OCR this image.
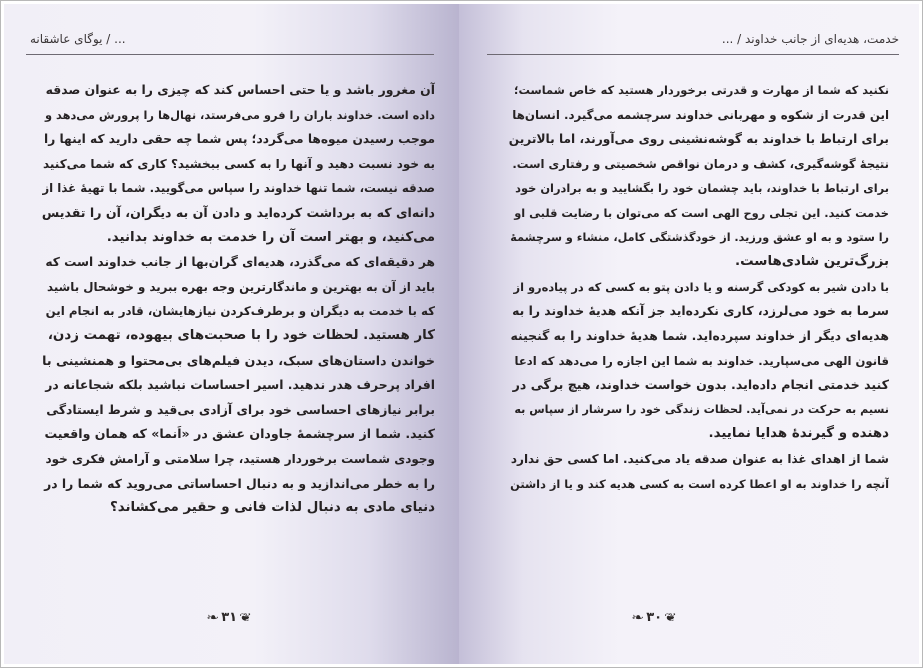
... / یوگای عاشقانه
آن مغرور باشد و یا حتی احساس کند که چیزی را به عنوان صدقه
داده است. خداوند باران را فرو می‌فرستد، نهال‌ها را پرورش می‌دهد و
موجب رسیدن میوه‌ها می‌گردد؛ پس شما چه حقی دارید که اینها را
به خود نسبت دهید و آنها را به کسی ببخشید؟ کاری که شما می‌کنید
صدقه نیست، شما تنها خداوند را سپاس می‌گویید. شما با تهیهٔ غذا از
دانه‌ای که به برداشت کرده‌اید و دادن آن به دیگران، آن را تقدیس
می‌کنید، و بهتر است آن را خدمت به خداوند بدانید.
هر دقیقه‌ای که می‌گذرد، هدیه‌ای گران‌بها از جانب خداوند است که
باید از آن به بهترین و ماندگارترین وجه بهره ببرید و خوشحال باشید
که با خدمت به دیگران و برطرف‌کردن نیازهایشان، قادر به انجام این
کار هستید. لحظات خود را با صحبت‌های بیهوده، تهمت زدن،
خواندن داستان‌های سبک، دیدن فیلم‌های بی‌محتوا و همنشینی با
افراد پرحرف هدر ندهید. اسیر احساسات نباشید بلکه شجاعانه در
برابر نیازهای احساسی خود برای آزادی بی‌قید و شرط ایستادگی
کنید. شما از سرچشمهٔ جاودان عشق در «اَنما» که همان واقعیت
وجودی شماست برخوردار هستید، چرا سلامتی و آرامش فکری خود
را به خطر می‌اندازید و به دنبال احساساتی می‌روید که شما را در
دنیای مادی به دنبال لذات فانی و حقیر می‌کشاند؟
❦۳۱❧
خدمت، هدیه‌ای از جانب خداوند / ...
نکنید که شما از مهارت و قدرتی برخوردار هستید که خاص شماست؛
این قدرت از شکوه و مهربانی خداوند سرچشمه می‌گیرد. انسان‌ها
برای ارتباط با خداوند به گوشه‌نشینی روی می‌آورند، اما بالاترین
نتیجهٔ گوشه‌گیری، کشف و درمان نواقص شخصیتی و رفتاری است.
برای ارتباط با خداوند، باید چشمان خود را بگشایید و به برادران خود
خدمت کنید. این تجلی روح الهی است که می‌توان با رضایت قلبی او
را ستود و به او عشق ورزید. از خودگذشتگی کامل، منشاء و سرچشمهٔ
بزرگ‌ترین شادی‌هاست.
با دادن شیر به کودکی گرسنه و یا دادن پتو به کسی که در پیاده‌رو از
سرما به خود می‌لرزد، کاری نکرده‌اید جز آنکه هدیهٔ خداوند را به
هدیه‌ای دیگر از خداوند سپرده‌اید. شما هدیهٔ خداوند را به گنجینه
قانون الهی می‌سپارید. خداوند به شما این اجازه را می‌دهد که ادعا
کنید خدمتی انجام داده‌اید. بدون خواست خداوند، هیچ برگی در
نسیم به حرکت در نمی‌آید. لحظات زندگی خود را سرشار از سپاس به
دهنده و گیرندهٔ هدایا نمایید.
شما از اهدای غذا به عنوان صدقه یاد می‌کنید. اما کسی حق ندارد
آنچه را خداوند به او اعطا کرده است به کسی هدیه کند و یا از داشتن
❦۳۰❧
